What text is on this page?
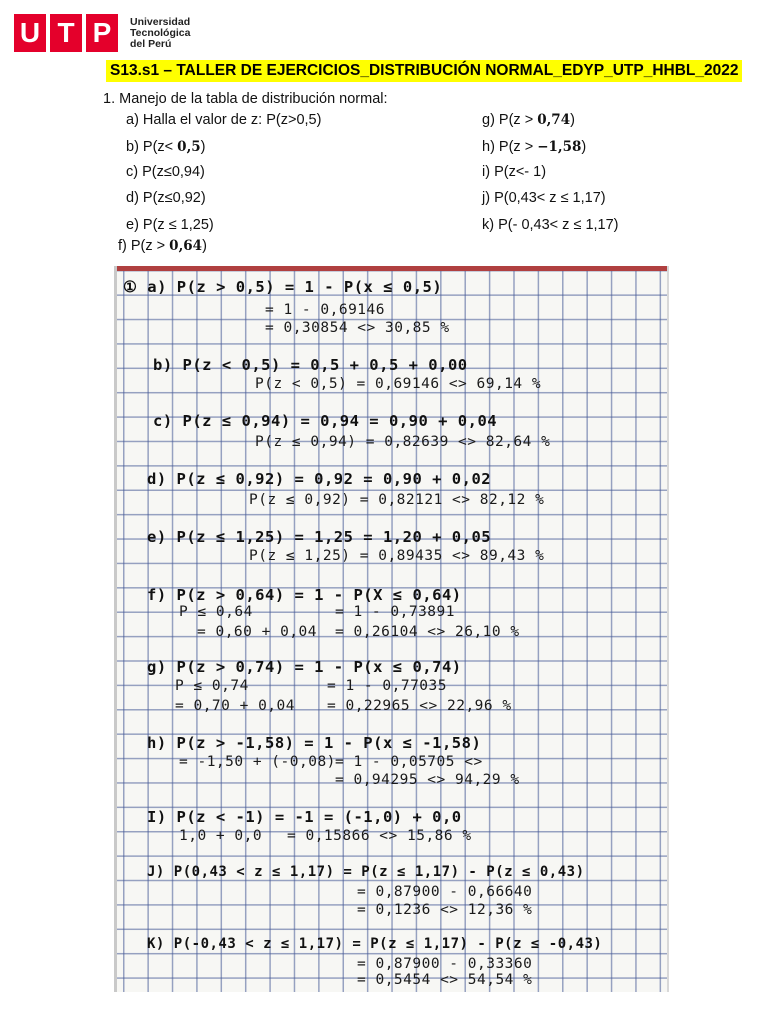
U T P	Universidad
Tecnológica
del Perú
S13.s1 – TALLER DE EJERCICIOS_DISTRIBUCIÓN NORMAL_EDYP_UTP_HHBL_2022
1. Manejo de la tabla de distribución normal:
a) Halla el valor de z: P(z>0,5)
b) P(z< 0,5)
c) P(z≤0,94)
d) P(z≤0,92)
e) P(z ≤ 1,25)
f) P(z > 0,64)
g) P(z > 0,74)
h) P(z > −1,58)
i) P(z<- 1)
j) P(0,43< z ≤ 1,17)
k) P(- 0,43< z ≤ 1,17)
① a) P(z > 0,5) = 1 - P(x ≤ 0,5)
= 1 - 0,69146
= 0,30854 <> 30,85 %
b) P(z < 0,5) = 0,5 + 0,5 + 0,00
P(z < 0,5) = 0,69146 <> 69,14 %
c) P(z ≤ 0,94) = 0,94 = 0,90 + 0,04
P(z ≤ 0,94) = 0,82639 <> 82,64 %
d) P(z ≤ 0,92) = 0,92 = 0,90 + 0,02
P(z ≤ 0,92) = 0,82121 <> 82,12 %
e) P(z ≤ 1,25) = 1,25 = 1,20 + 0,05
P(z ≤ 1,25) = 0,89435 <> 89,43 %
f) P(z > 0,64) = 1 - P(X ≤ 0,64)
P ≤ 0,64	= 1 - 0,73891
= 0,60 + 0,04 = 0,26104 <> 26,10 %
g) P(z > 0,74) = 1 - P(x ≤ 0,74)
P ≤ 0,74	= 1 - 0,77035
= 0,70 + 0,04 = 0,22965 <> 22,96 %
h) P(z > -1,58) = 1 - P(x ≤ -1,58)
= -1,50 + (-0,08) = 1 - 0,05705 <>
= 0,94295 <> 94,29 %
I) P(z < -1) = -1 = (-1,0) + 0,0
1,0 + 0,0 = 0,15866 <> 15,86 %
J) P(0,43 < z ≤ 1,17) = P(z ≤ 1,17) - P(z ≤ 0,43)
= 0,87900 - 0,66640
= 0,1236 <> 12,36 %
K) P(-0,43 < z ≤ 1,17) = P(z ≤ 1,17) - P(z ≤ -0,43)
= 0,87900 - 0,33360
= 0,5454 <> 54,54 %
